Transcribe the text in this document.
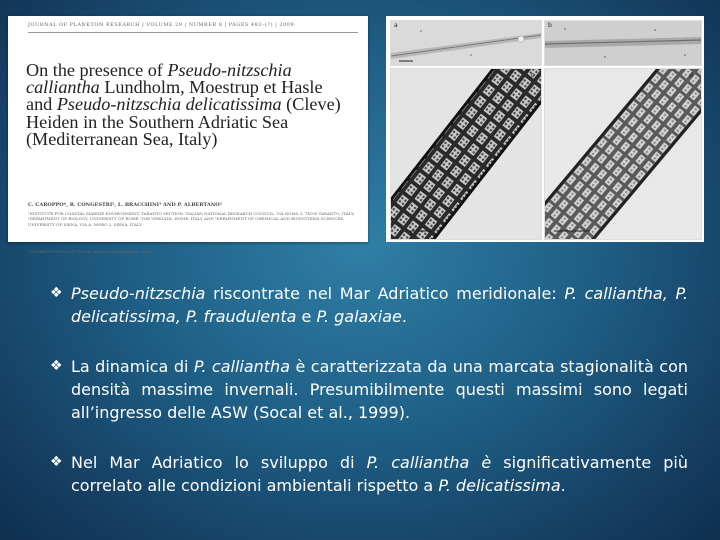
JOURNAL OF PLANKTON RESEARCH | VOLUME 29 | NUMBER 8 | PAGES 483–(?) | 2009
On the presence of Pseudo-nitzschia
calliantha Lundholm, Moestrup et Hasle
and Pseudo-nitzschia delicatissima (Cleve)
Heiden in the Southern Adriatic Sea
(Mediterranean Sea, Italy)
C. CAROPPO*, R. CONGESTRI², L. BRACCHINI³ AND P. ALBERTANO²
¹INSTITUTE FOR COASTAL MARINE ENVIRONMENT, TARANTO SECTION, ITALIAN NATIONAL RESEARCH COUNCIL, VIA ROMA 3, 74100 TARANTO, ITALY; ²DEPARTMENT OF BIOLOGY, UNIVERSITY OF ROME 'TOR VERGATA', ROME, ITALY AND ³DEPARTMENT OF CHEMICAL AND BIOSYSTEMS SCIENCES, UNIVERSITY OF SIENA, VIA A. MORO 2, SIENA, ITALY
*CORRESPONDING AUTHOR: carmela.caroppo@iamc.cnr.it
a	b
c	d
❖ Pseudo-nitzschia riscontrate nel Mar Adriatico meridionale: P. calliantha, P. delicatissima, P. fraudulenta e P. galaxiae.
❖ La dinamica di P. calliantha è caratterizzata da una marcata stagionalità con densità massime invernali. Presumibilmente questi massimi sono legati all’ingresso delle ASW (Socal et al., 1999).
❖ Nel Mar Adriatico lo sviluppo di P. calliantha è significativamente più correlato alle condizioni ambientali rispetto a P. delicatissima.
